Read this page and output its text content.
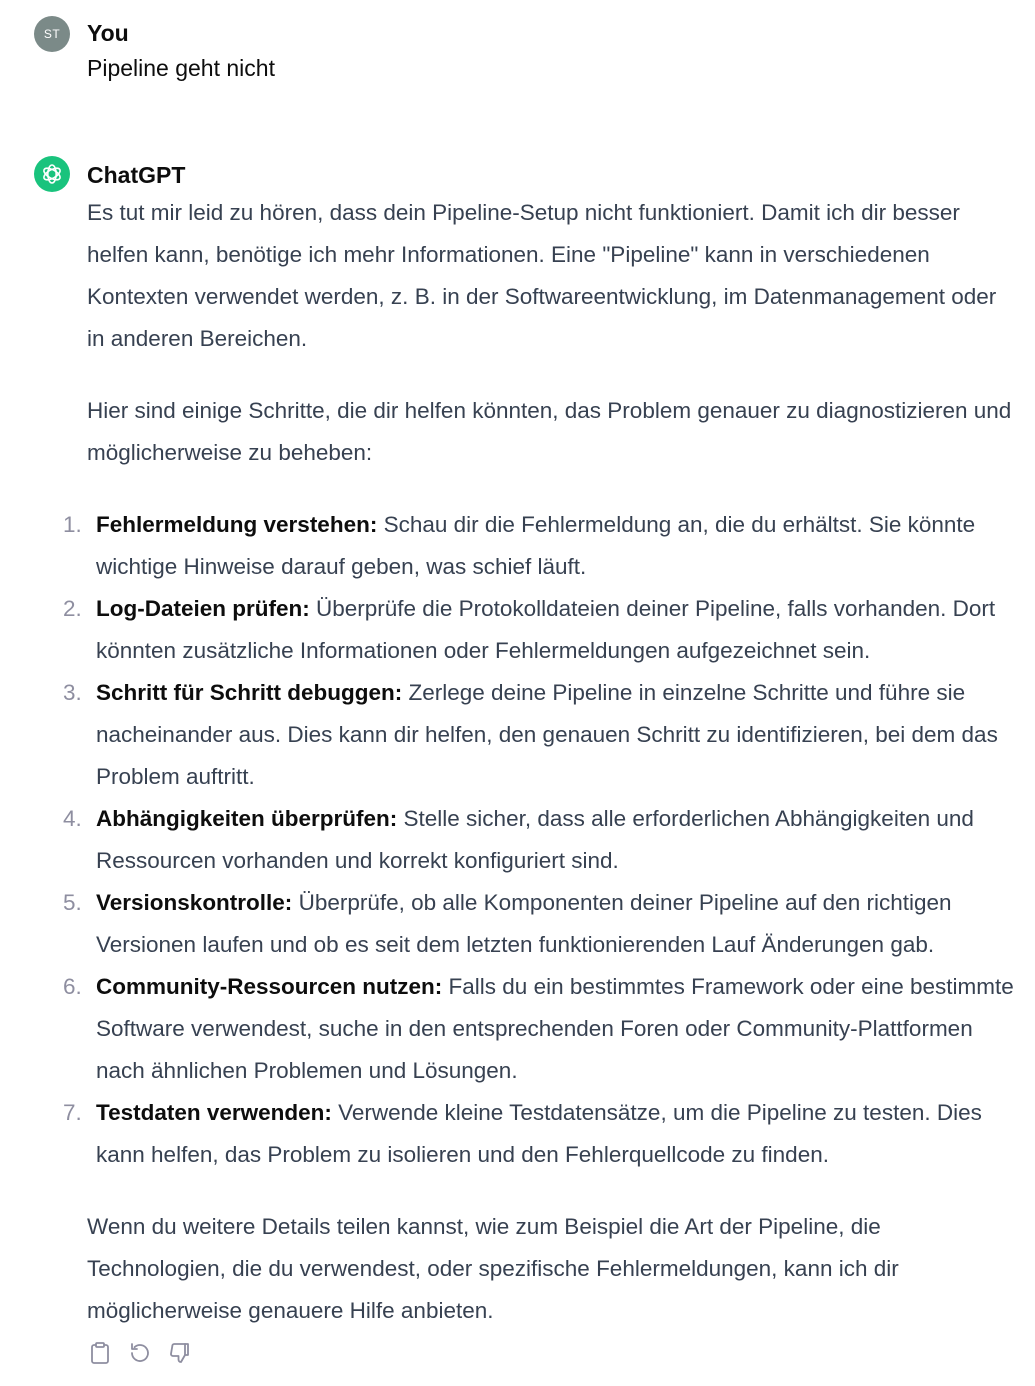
ST You
Pipeline geht nicht
ChatGPT

Es tut mir leid zu hören, dass dein Pipeline-Setup nicht funktioniert. Damit ich dir besser helfen kann, benötige ich mehr Informationen. Eine "Pipeline" kann in verschiedenen Kontexten verwendet werden, z. B. in der Softwareentwicklung, im Datenmanagement oder in anderen Bereichen.

Hier sind einige Schritte, die dir helfen könnten, das Problem genauer zu diagnostizieren und möglicherweise zu beheben:

1. Fehlermeldung verstehen: Schau dir die Fehlermeldung an, die du erhältst. Sie könnte wichtige Hinweise darauf geben, was schief läuft.
2. Log-Dateien prüfen: Überprüfe die Protokolldateien deiner Pipeline, falls vorhanden. Dort könnten zusätzliche Informationen oder Fehlermeldungen aufgezeichnet sein.
3. Schritt für Schritt debuggen: Zerlege deine Pipeline in einzelne Schritte und führe sie nacheinander aus. Dies kann dir helfen, den genauen Schritt zu identifizieren, bei dem das Problem auftritt.
4. Abhängigkeiten überprüfen: Stelle sicher, dass alle erforderlichen Abhängigkeiten und Ressourcen vorhanden und korrekt konfiguriert sind.
5. Versionskontrolle: Überprüfe, ob alle Komponenten deiner Pipeline auf den richtigen Versionen laufen und ob es seit dem letzten funktionierenden Lauf Änderungen gab.
6. Community-Ressourcen nutzen: Falls du ein bestimmtes Framework oder eine bestimmte Software verwendest, suche in den entsprechenden Foren oder Community-Plattformen nach ähnlichen Problemen und Lösungen.
7. Testdaten verwenden: Verwende kleine Testdatensätze, um die Pipeline zu testen. Dies kann helfen, das Problem zu isolieren und den Fehlerquellcode zu finden.

Wenn du weitere Details teilen kannst, wie zum Beispiel die Art der Pipeline, die Technologien, die du verwendest, oder spezifische Fehlermeldungen, kann ich dir möglicherweise genauere Hilfe anbieten.
